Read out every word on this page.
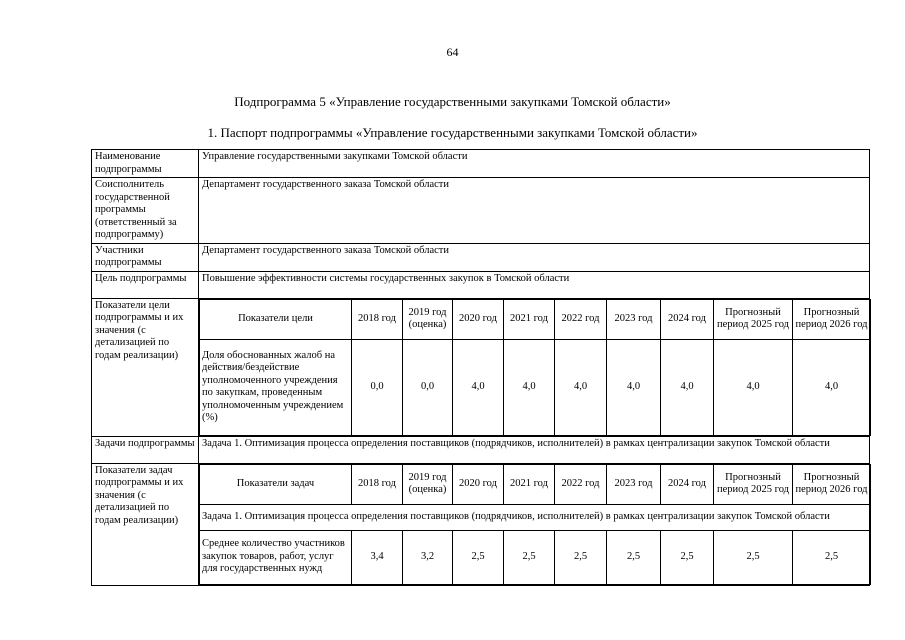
64
Подпрограмма 5 «Управление государственными закупками Томской области»
1. Паспорт подпрограммы «Управление государственными закупками Томской области»
Наименование подпрограммы	Управление государственными закупками Томской области
Соисполнитель государственной программы (ответственный за подпрограмму)	Департамент государственного заказа Томской области
Участники подпрограммы	Департамент государственного заказа Томской области
Цель подпрограммы	Повышение эффективности системы государственных закупок в Томской области
Показатели цели подпрограммы и их значения (с детализацией по годам реализации)	
Показатели цели	2018 год	2019 год (оценка)	2020 год	2021 год	2022 год	2023 год	2024 год	Прогнозный период 2025 год	Прогнозный период 2026 год
Доля обоснованных жалоб на действия/бездействие уполномоченного учреждения по закупкам, проведенным уполномоченным учреждением (%)	0,0	0,0	4,0	4,0	4,0	4,0	4,0	4,0	4,0

Задачи подпрограммы	Задача 1. Оптимизация процесса определения поставщиков (подрядчиков, исполнителей) в рамках централизации закупок Томской области
Показатели задач подпрограммы и их значения (с детализацией по годам реализации)	
Показатели задач	2018 год	2019 год (оценка)	2020 год	2021 год	2022 год	2023 год	2024 год	Прогнозный период 2025 год	Прогнозный период 2026 год
Задача 1. Оптимизация процесса определения поставщиков (подрядчиков, исполнителей) в рамках централизации закупок Томской области
Среднее количество участников закупок товаров, работ, услуг для государственных нужд	3,4	3,2	2,5	2,5	2,5	2,5	2,5	2,5	2,5
